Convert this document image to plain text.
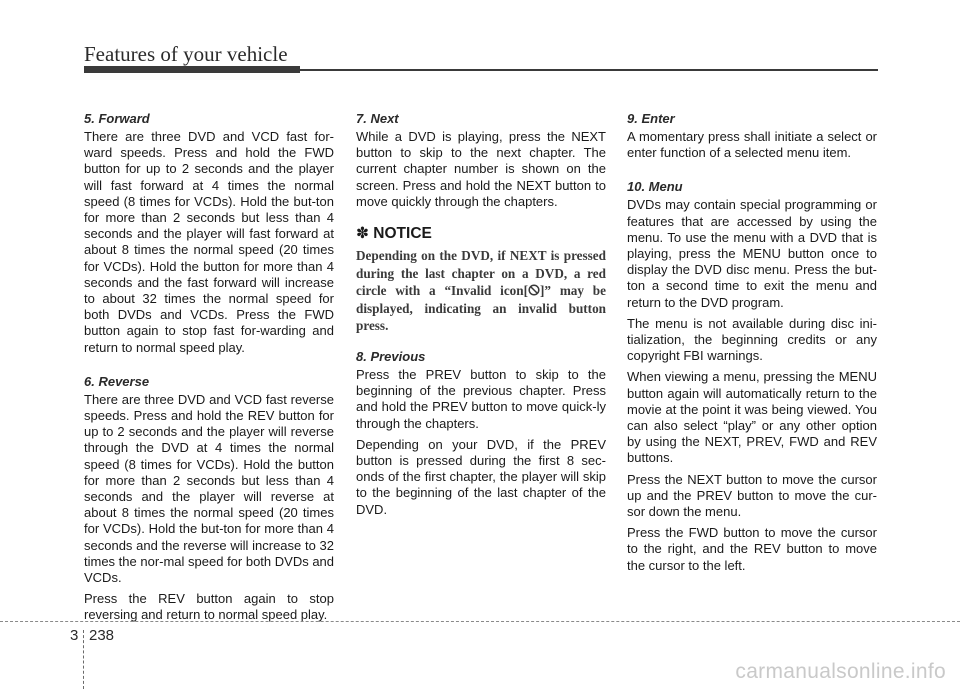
Features of your vehicle
5. Forward

There are three DVD and VCD fast for-ward speeds. Press and hold the FWD button for up to 2 seconds and the player will fast forward at 4 times the normal speed (8 times for VCDs). Hold the but-ton for more than 2 seconds but less than 4 seconds and the player will fast forward at about 8 times the normal speed (20 times for VCDs). Hold the button for more than 4 seconds and the fast forward will increase to about 32 times the normal speed for both DVDs and VCDs. Press the FWD button again to stop fast for-warding and return to normal speed play.

6. Reverse

There are three DVD and VCD fast reverse speeds. Press and hold the REV button for up to 2 seconds and the player will reverse through the DVD at 4 times the normal speed (8 times for VCDs). Hold the button for more than 2 seconds but less than 4 seconds and the player will reverse at about 8 times the normal speed (20 times for VCDs). Hold the but-ton for more than 4 seconds and the reverse will increase to 32 times the nor-mal speed for both DVDs and VCDs.

Press the REV button again to stop reversing and return to normal speed play.

7. Next

While a DVD is playing, press the NEXT button to skip to the next chapter. The current chapter number is shown on the screen. Press and hold the NEXT button to move quickly through the chapters.

✽ NOTICE

Depending on the DVD, if NEXT is pressed during the last chapter on a DVD, a red circle with a “Invalid icon[ ]” may be displayed, indicating an invalid button press.

8. Previous

Press the PREV button to skip to the beginning of the previous chapter. Press and hold the PREV button to move quick-ly through the chapters.

Depending on your DVD, if the PREV button is pressed during the first 8 sec-onds of the first chapter, the player will skip to the beginning of the last chapter of the DVD.

9. Enter

A momentary press shall initiate a select or enter function of a selected menu item.

10. Menu

DVDs may contain special programming or features that are accessed by using the menu. To use the menu with a DVD that is playing, press the MENU button once to display the DVD disc menu. Press the but-ton a second time to exit the menu and return to the DVD program.

The menu is not available during disc ini-tialization, the beginning credits or any copyright FBI warnings.

When viewing a menu, pressing the MENU button again will automatically return to the movie at the point it was being viewed. You can also select “play” or any other option by using the NEXT, PREV, FWD and REV buttons.

Press the NEXT button to move the cursor up and the PREV button to move the cur-sor down the menu.

Press the FWD button to move the cursor to the right, and the REV button to move the cursor to the left.

3 238
carmanualsonline.info
